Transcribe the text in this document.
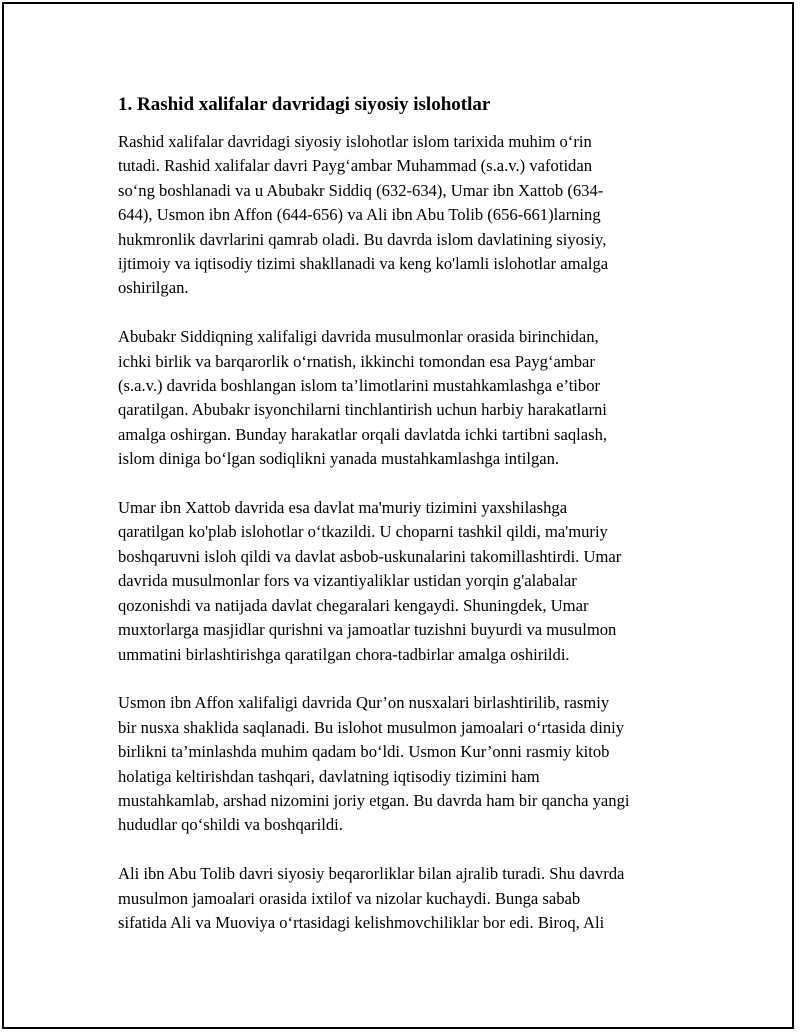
1. Rashid xalifalar davridagi siyosiy islohotlar
Rashid xalifalar davridagi siyosiy islohotlar islom tarixida muhim o‘rin
tutadi. Rashid xalifalar davri Payg‘ambar Muhammad (s.a.v.) vafotidan
so‘ng boshlanadi va u Abubakr Siddiq (632-634), Umar ibn Xattob (634-
644), Usmon ibn Affon (644-656) va Ali ibn Abu Tolib (656-661)larning
hukmronlik davrlarini qamrab oladi. Bu davrda islom davlatining siyosiy,
ijtimoiy va iqtisodiy tizimi shakllanadi va keng ko'lamli islohotlar amalga
oshirilgan.
Abubakr Siddiqning xalifaligi davrida musulmonlar orasida birinchidan,
ichki birlik va barqarorlik o‘rnatish, ikkinchi tomondan esa Payg‘ambar
(s.a.v.) davrida boshlangan islom ta’limotlarini mustahkamlashga e’tibor
qaratilgan. Abubakr isyonchilarni tinchlantirish uchun harbiy harakatlarni
amalga oshirgan. Bunday harakatlar orqali davlatda ichki tartibni saqlash,
islom diniga bo‘lgan sodiqlikni yanada mustahkamlashga intilgan.
Umar ibn Xattob davrida esa davlat ma'muriy tizimini yaxshilashga
qaratilgan ko'plab islohotlar o‘tkazildi. U choparni tashkil qildi, ma'muriy
boshqaruvni isloh qildi va davlat asbob-uskunalarini takomillashtirdi. Umar
davrida musulmonlar fors va vizantiyaliklar ustidan yorqin g'alabalar
qozonishdi va natijada davlat chegaralari kengaydi. Shuningdek, Umar
muxtorlarga masjidlar qurishni va jamoatlar tuzishni buyurdi va musulmon
ummatini birlashtirishga qaratilgan chora-tadbirlar amalga oshirildi.
Usmon ibn Affon xalifaligi davrida Qur’on nusxalari birlashtirilib, rasmiy
bir nusxa shaklida saqlanadi. Bu islohot musulmon jamoalari o‘rtasida diniy
birlikni ta’minlashda muhim qadam bo‘ldi. Usmon Kur’onni rasmiy kitob
holatiga keltirishdan tashqari, davlatning iqtisodiy tizimini ham
mustahkamlab, arshad nizomini joriy etgan. Bu davrda ham bir qancha yangi
hududlar qo‘shildi va boshqarildi.
Ali ibn Abu Tolib davri siyosiy beqarorliklar bilan ajralib turadi. Shu davrda
musulmon jamoalari orasida ixtilof va nizolar kuchaydi. Bunga sabab
sifatida Ali va Muoviya o‘rtasidagi kelishmovchiliklar bor edi. Biroq, Ali
